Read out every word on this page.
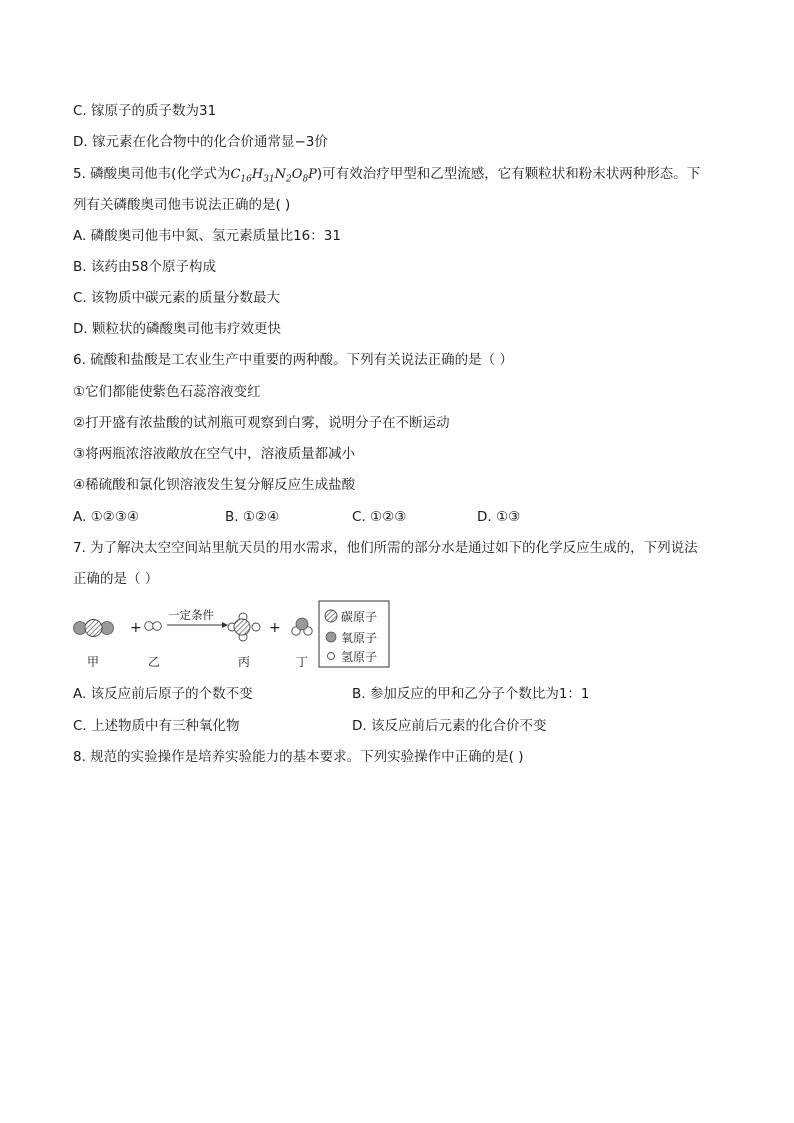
C. 镓原子的质子数为31
D. 镓元素在化合物中的化合价通常显−3价
5. 磷酸奥司他韦(化学式为$C_{16}H_{31}N_2O_8P$)可有效治疗甲型和乙型流感，它有颗粒状和粉末状两种形态。下
列有关磷酸奥司他韦说法正确的是( )
A. 磷酸奥司他韦中氮、氢元素质量比16：31
B. 该药由58个原子构成
C. 该物质中碳元素的质量分数最大
D. 颗粒状的磷酸奥司他韦疗效更快
6. 硫酸和盐酸是工农业生产中重要的两种酸。下列有关说法正确的是（ ）
①它们都能使紫色石蕊溶液变红
②打开盛有浓盐酸的试剂瓶可观察到白雾，说明分子在不断运动
③将两瓶浓溶液敞放在空气中，溶液质量都减小
④稀硫酸和氯化钡溶液发生复分解反应生成盐酸
A. ①②③④	B. ①②④	C. ①②③	D. ①③
7. 为了解决太空空间站里航天员的用水需求，他们所需的部分水是通过如下的化学反应生成的，下列说法
正确的是（ ）
+
一定条件
+
甲	乙	丙	丁
碳原子
氧原子
氢原子
A. 该反应前后原子的个数不变	B. 参加反应的甲和乙分子个数比为1：1
C. 上述物质中有三种氧化物	D. 该反应前后元素的化合价不变
8. 规范的实验操作是培养实验能力的基本要求。下列实验操作中正确的是( )
